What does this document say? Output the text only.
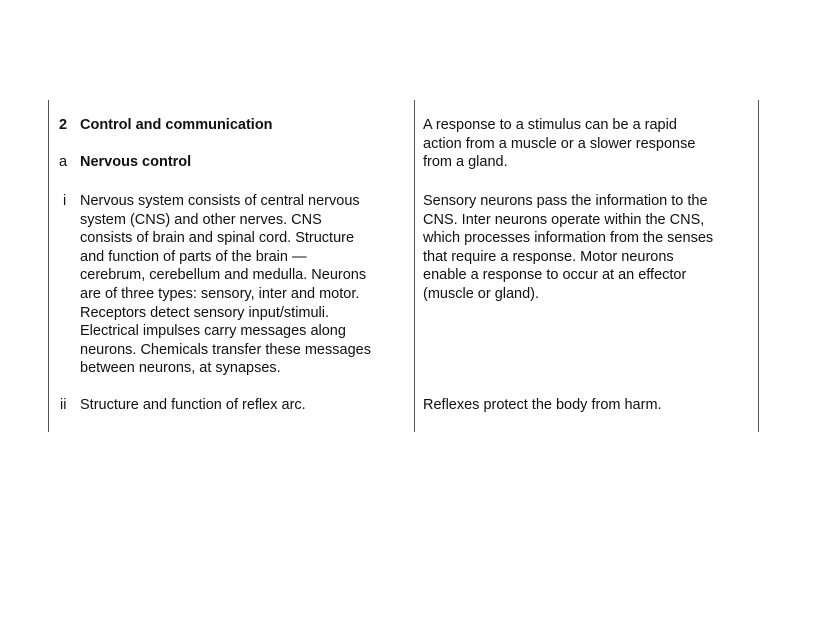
2 Control and communication
a Nervous control
i Nervous system consists of central nervous
system (CNS) and other nerves. CNS
consists of brain and spinal cord. Structure
and function of parts of the brain —
cerebrum, cerebellum and medulla. Neurons
are of three types: sensory, inter and motor.
Receptors detect sensory input/stimuli.
Electrical impulses carry messages along
neurons. Chemicals transfer these messages
between neurons, at synapses.
ii Structure and function of reflex arc.
A response to a stimulus can be a rapid
action from a muscle or a slower response
from a gland.
Sensory neurons pass the information to the
CNS. Inter neurons operate within the CNS,
which processes information from the senses
that require a response. Motor neurons
enable a response to occur at an effector
(muscle or gland).
Reflexes protect the body from harm.
